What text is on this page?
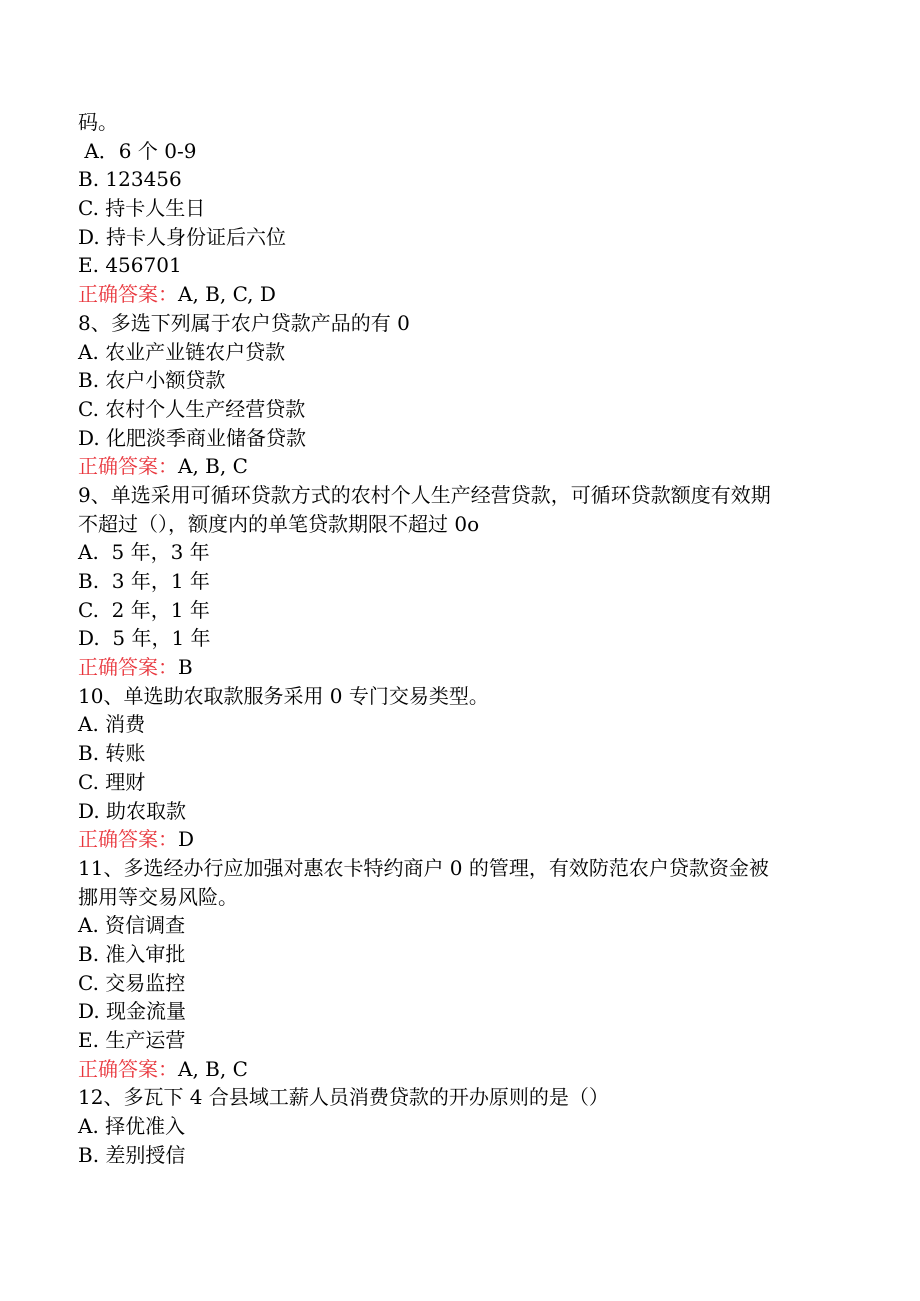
码。
A．6 个 0-9
B. 123456
C. 持卡人生日
D. 持卡人身份证后六位
E. 456701
正确答案：A, B, C, D
8、多选下列属于农户贷款产品的有 0
A. 农业产业链农户贷款
B. 农户小额贷款
C. 农村个人生产经营贷款
D. 化肥淡季商业储备贷款
正确答案：A, B, C
9、单选采用可循环贷款方式的农村个人生产经营贷款，可循环贷款额度有效期
不超过（），额度内的单笔贷款期限不超过 0o
A.  5 年，3 年
B.  3 年，1 年
C.  2 年，1 年
D.  5 年，1 年
正确答案：B
10、单选助农取款服务采用 0 专门交易类型。
A. 消费
B. 转账
C. 理财
D. 助农取款
正确答案：D
11、多选经办行应加强对惠农卡特约商户 0 的管理，有效防范农户贷款资金被
挪用等交易风险。
A. 资信调查
B. 准入审批
C. 交易监控
D. 现金流量
E. 生产运营
正确答案：A, B, C
12、多瓦下 4 合县域工薪人员消费贷款的开办原则的是（）
A. 择优准入
B. 差别授信
